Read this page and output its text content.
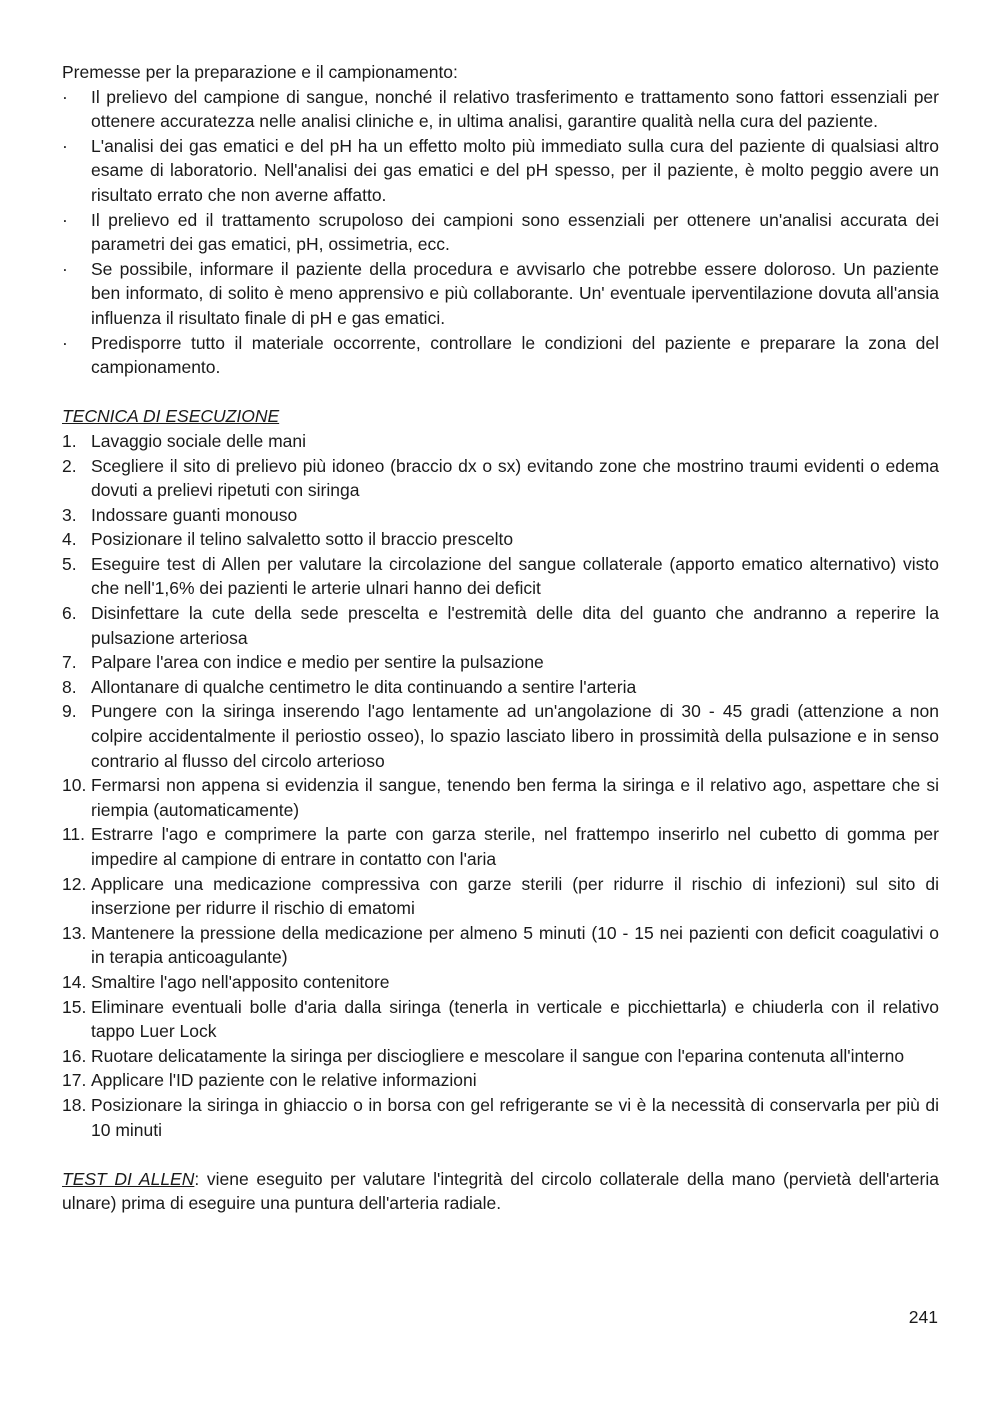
Premesse per la preparazione e il campionamento:

·	Il prelievo del campione di sangue, nonché il relativo trasferimento e trattamento sono fattori essenziali per ottenere accuratezza nelle analisi cliniche e, in ultima analisi, garantire qualità nella cura del paziente.
·	L'analisi dei gas ematici e del pH ha un effetto molto più immediato sulla cura del paziente di qualsiasi altro esame di laboratorio. Nell'analisi dei gas ematici e del pH spesso, per il paziente, è molto peggio avere un risultato errato che non averne affatto.
·	Il prelievo ed il trattamento scrupoloso dei campioni sono essenziali per ottenere un'analisi accurata dei parametri dei gas ematici, pH, ossimetria, ecc.
·	Se possibile, informare il paziente della procedura e avvisarlo che potrebbe essere doloroso. Un paziente ben informato, di solito è meno apprensivo e più collaborante. Un' eventuale iperventilazione dovuta all'ansia influenza il risultato finale di pH e gas ematici.
·	Predisporre tutto il materiale occorrente, controllare le condizioni del paziente e preparare la zona del campionamento.

TECNICA DI ESECUZIONE

1. Lavaggio sociale delle mani
2. Scegliere il sito di prelievo più idoneo (braccio dx o sx) evitando zone che mostrino traumi evidenti o edema dovuti a prelievi ripetuti con siringa
3. Indossare guanti monouso
4. Posizionare il telino salvaletto sotto il braccio prescelto
5. Eseguire test di Allen per valutare la circolazione del sangue collaterale (apporto ematico alternativo) visto che nell'1,6% dei pazienti le arterie ulnari hanno dei deficit
6. Disinfettare la cute della sede prescelta e l'estremità delle dita del guanto che andranno a reperire la pulsazione arteriosa
7. Palpare l'area con indice e medio per sentire la pulsazione
8. Allontanare di qualche centimetro le dita continuando a sentire l'arteria
9. Pungere con la siringa inserendo l'ago lentamente ad un'angolazione di 30 - 45 gradi (attenzione a non colpire accidentalmente il periostio osseo), lo spazio lasciato libero in prossimità della pulsazione e in senso contrario al flusso del circolo arterioso
10. Fermarsi non appena si evidenzia il sangue, tenendo ben ferma la siringa e il relativo ago, aspettare che si riempia (automaticamente)
11. Estrarre l'ago e comprimere la parte con garza sterile, nel frattempo inserirlo nel cubetto di gomma per impedire al campione di entrare in contatto con l'aria
12. Applicare una medicazione compressiva con garze sterili (per ridurre il rischio di infezioni) sul sito di inserzione per ridurre il rischio di ematomi
13. Mantenere la pressione della medicazione per almeno 5 minuti (10 - 15 nei pazienti con deficit coagulativi o in terapia anticoagulante)
14. Smaltire l'ago nell'apposito contenitore
15. Eliminare eventuali bolle d'aria dalla siringa (tenerla in verticale e picchiettarla) e chiuderla con il relativo tappo Luer Lock
16. Ruotare delicatamente la siringa per disciogliere e mescolare il sangue con l'eparina contenuta all'interno
17. Applicare l'ID paziente con le relative informazioni
18. Posizionare la siringa in ghiaccio o in borsa con gel refrigerante se vi è la necessità di conservarla per più di 10 minuti

TEST DI ALLEN: viene eseguito per valutare l'integrità del circolo collaterale della mano (pervietà dell'arteria ulnare) prima di eseguire una puntura dell'arteria radiale.

241
